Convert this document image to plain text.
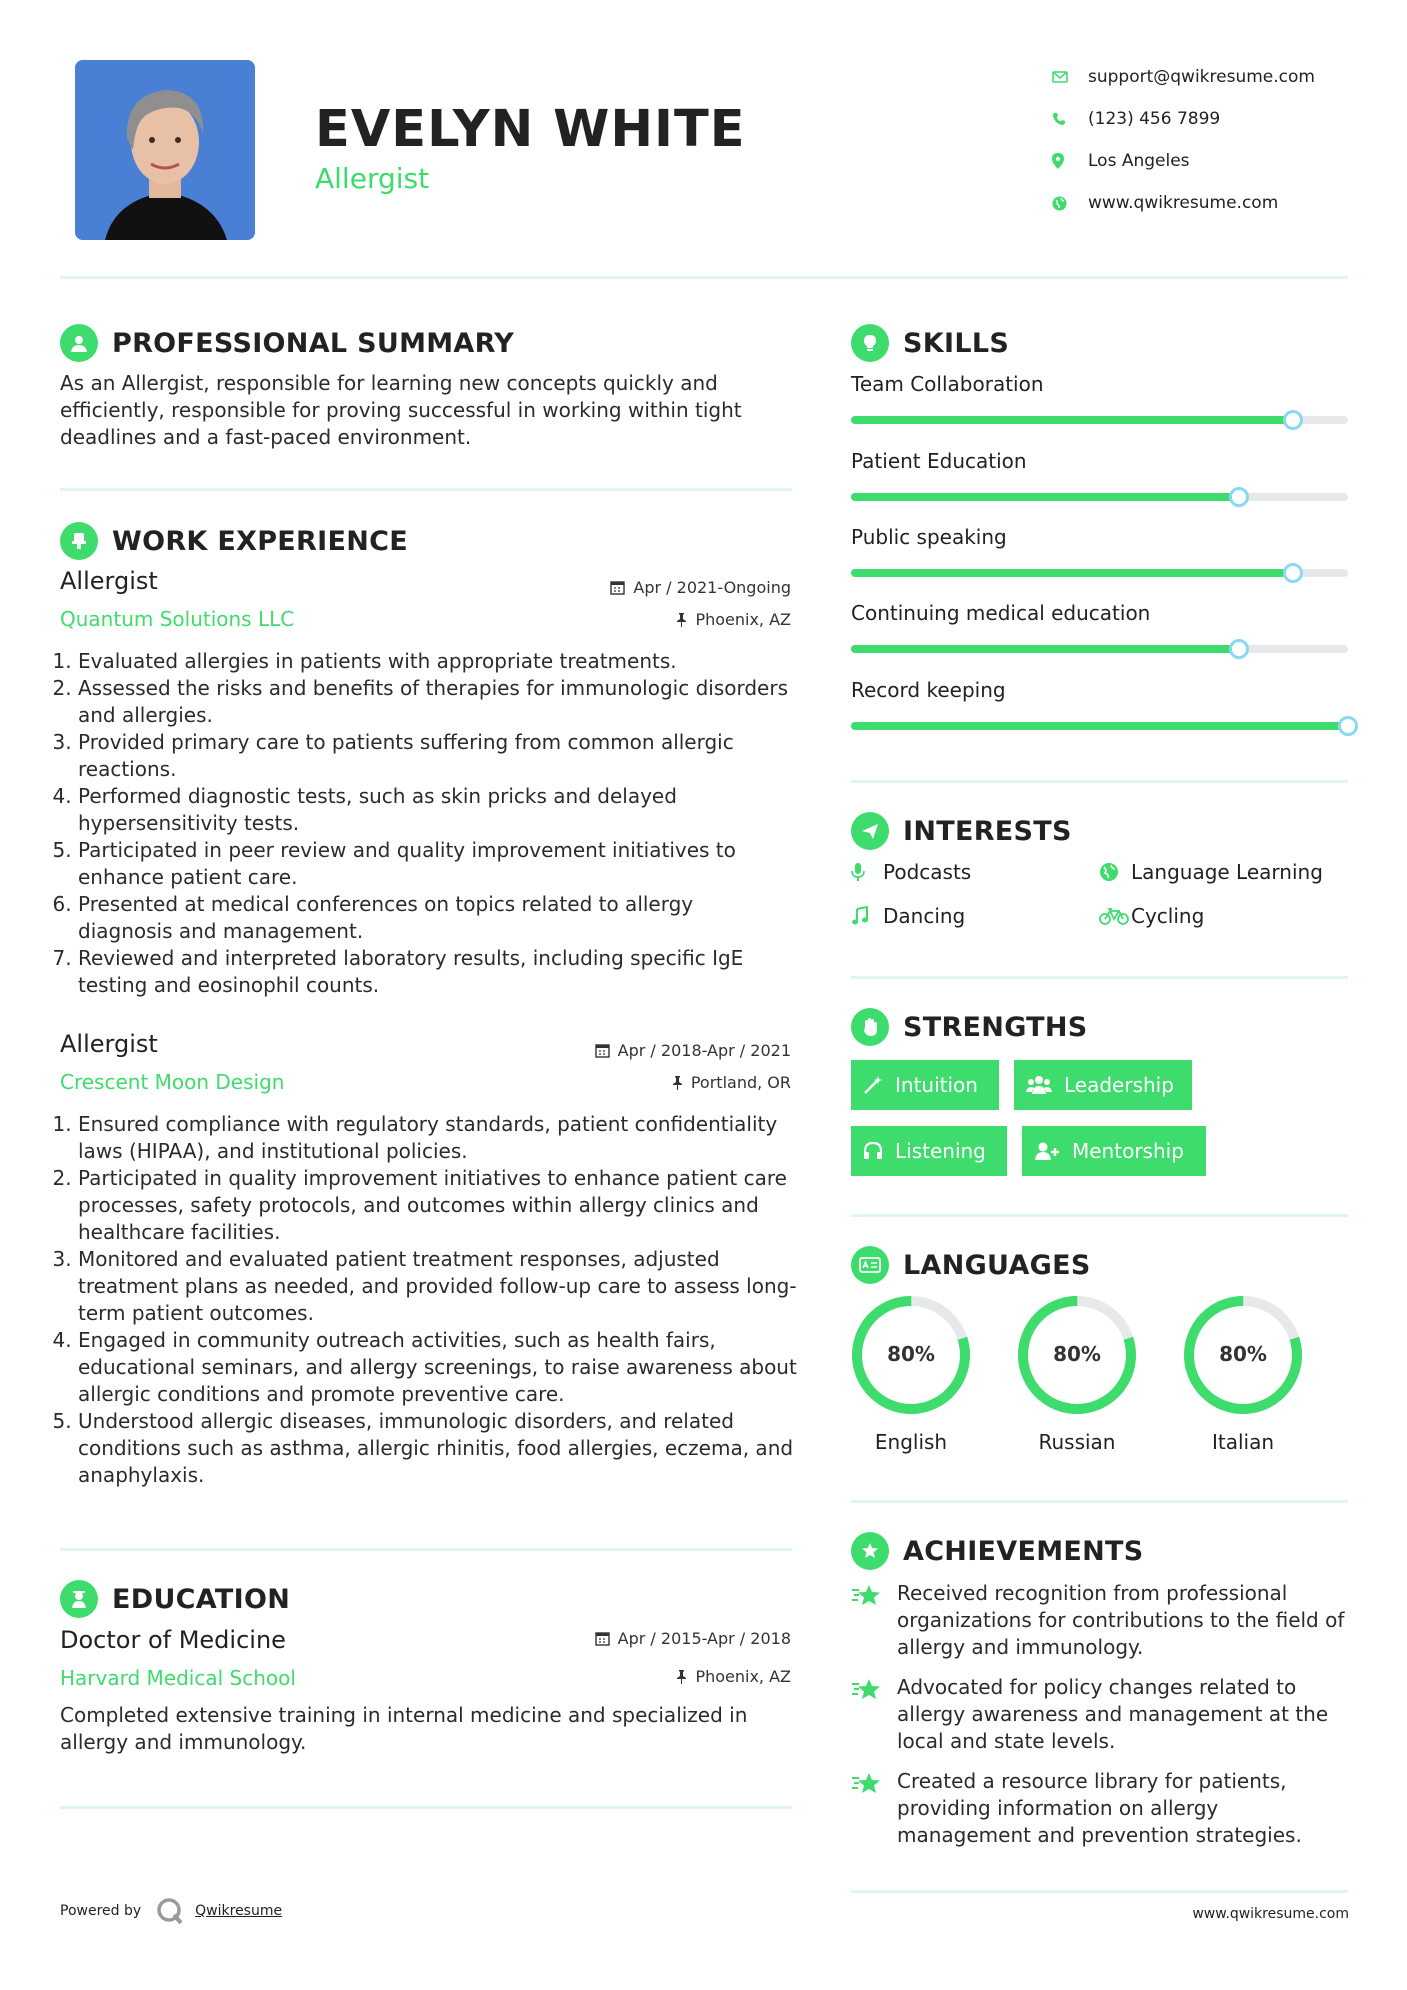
EVELYN WHITE
Allergist
support@qwikresume.com
(123) 456 7899
Los Angeles
www.qwikresume.com
PROFESSIONAL SUMMARY
As an Allergist, responsible for learning new concepts quickly and efficiently, responsible for proving successful in working within tight deadlines and a fast-paced environment.
WORK EXPERIENCE
Allergist	Apr / 2021-Ongoing
Quantum Solutions LLC	Phoenix, AZ
1. Evaluated allergies in patients with appropriate treatments.
2. Assessed the risks and benefits of therapies for immunologic disorders and allergies.
3. Provided primary care to patients suffering from common allergic reactions.
4. Performed diagnostic tests, such as skin pricks and delayed hypersensitivity tests.
5. Participated in peer review and quality improvement initiatives to enhance patient care.
6. Presented at medical conferences on topics related to allergy diagnosis and management.
7. Reviewed and interpreted laboratory results, including specific IgE testing and eosinophil counts.
Allergist	Apr / 2018-Apr / 2021
Crescent Moon Design	Portland, OR
1. Ensured compliance with regulatory standards, patient confidentiality laws (HIPAA), and institutional policies.
2. Participated in quality improvement initiatives to enhance patient care processes, safety protocols, and outcomes within allergy clinics and healthcare facilities.
3. Monitored and evaluated patient treatment responses, adjusted treatment plans as needed, and provided follow-up care to assess long-term patient outcomes.
4. Engaged in community outreach activities, such as health fairs, educational seminars, and allergy screenings, to raise awareness about allergic conditions and promote preventive care.
5. Understood allergic diseases, immunologic disorders, and related conditions such as asthma, allergic rhinitis, food allergies, eczema, and anaphylaxis.
EDUCATION
Doctor of Medicine	Apr / 2015-Apr / 2018
Harvard Medical School	Phoenix, AZ
Completed extensive training in internal medicine and specialized in allergy and immunology.
SKILLS
Team Collaboration
Patient Education
Public speaking
Continuing medical education
Record keeping
INTERESTS
Podcasts	Language Learning
Dancing	Cycling
STRENGTHS
Intuition	Leadership
Listening	Mentorship
LANGUAGES
80%
English
80%
Russian
80%
Italian
ACHIEVEMENTS
Received recognition from professional organizations for contributions to the field of allergy and immunology.
Advocated for policy changes related to allergy awareness and management at the local and state levels.
Created a resource library for patients, providing information on allergy management and prevention strategies.
Powered by	Qwikresume	www.qwikresume.com
